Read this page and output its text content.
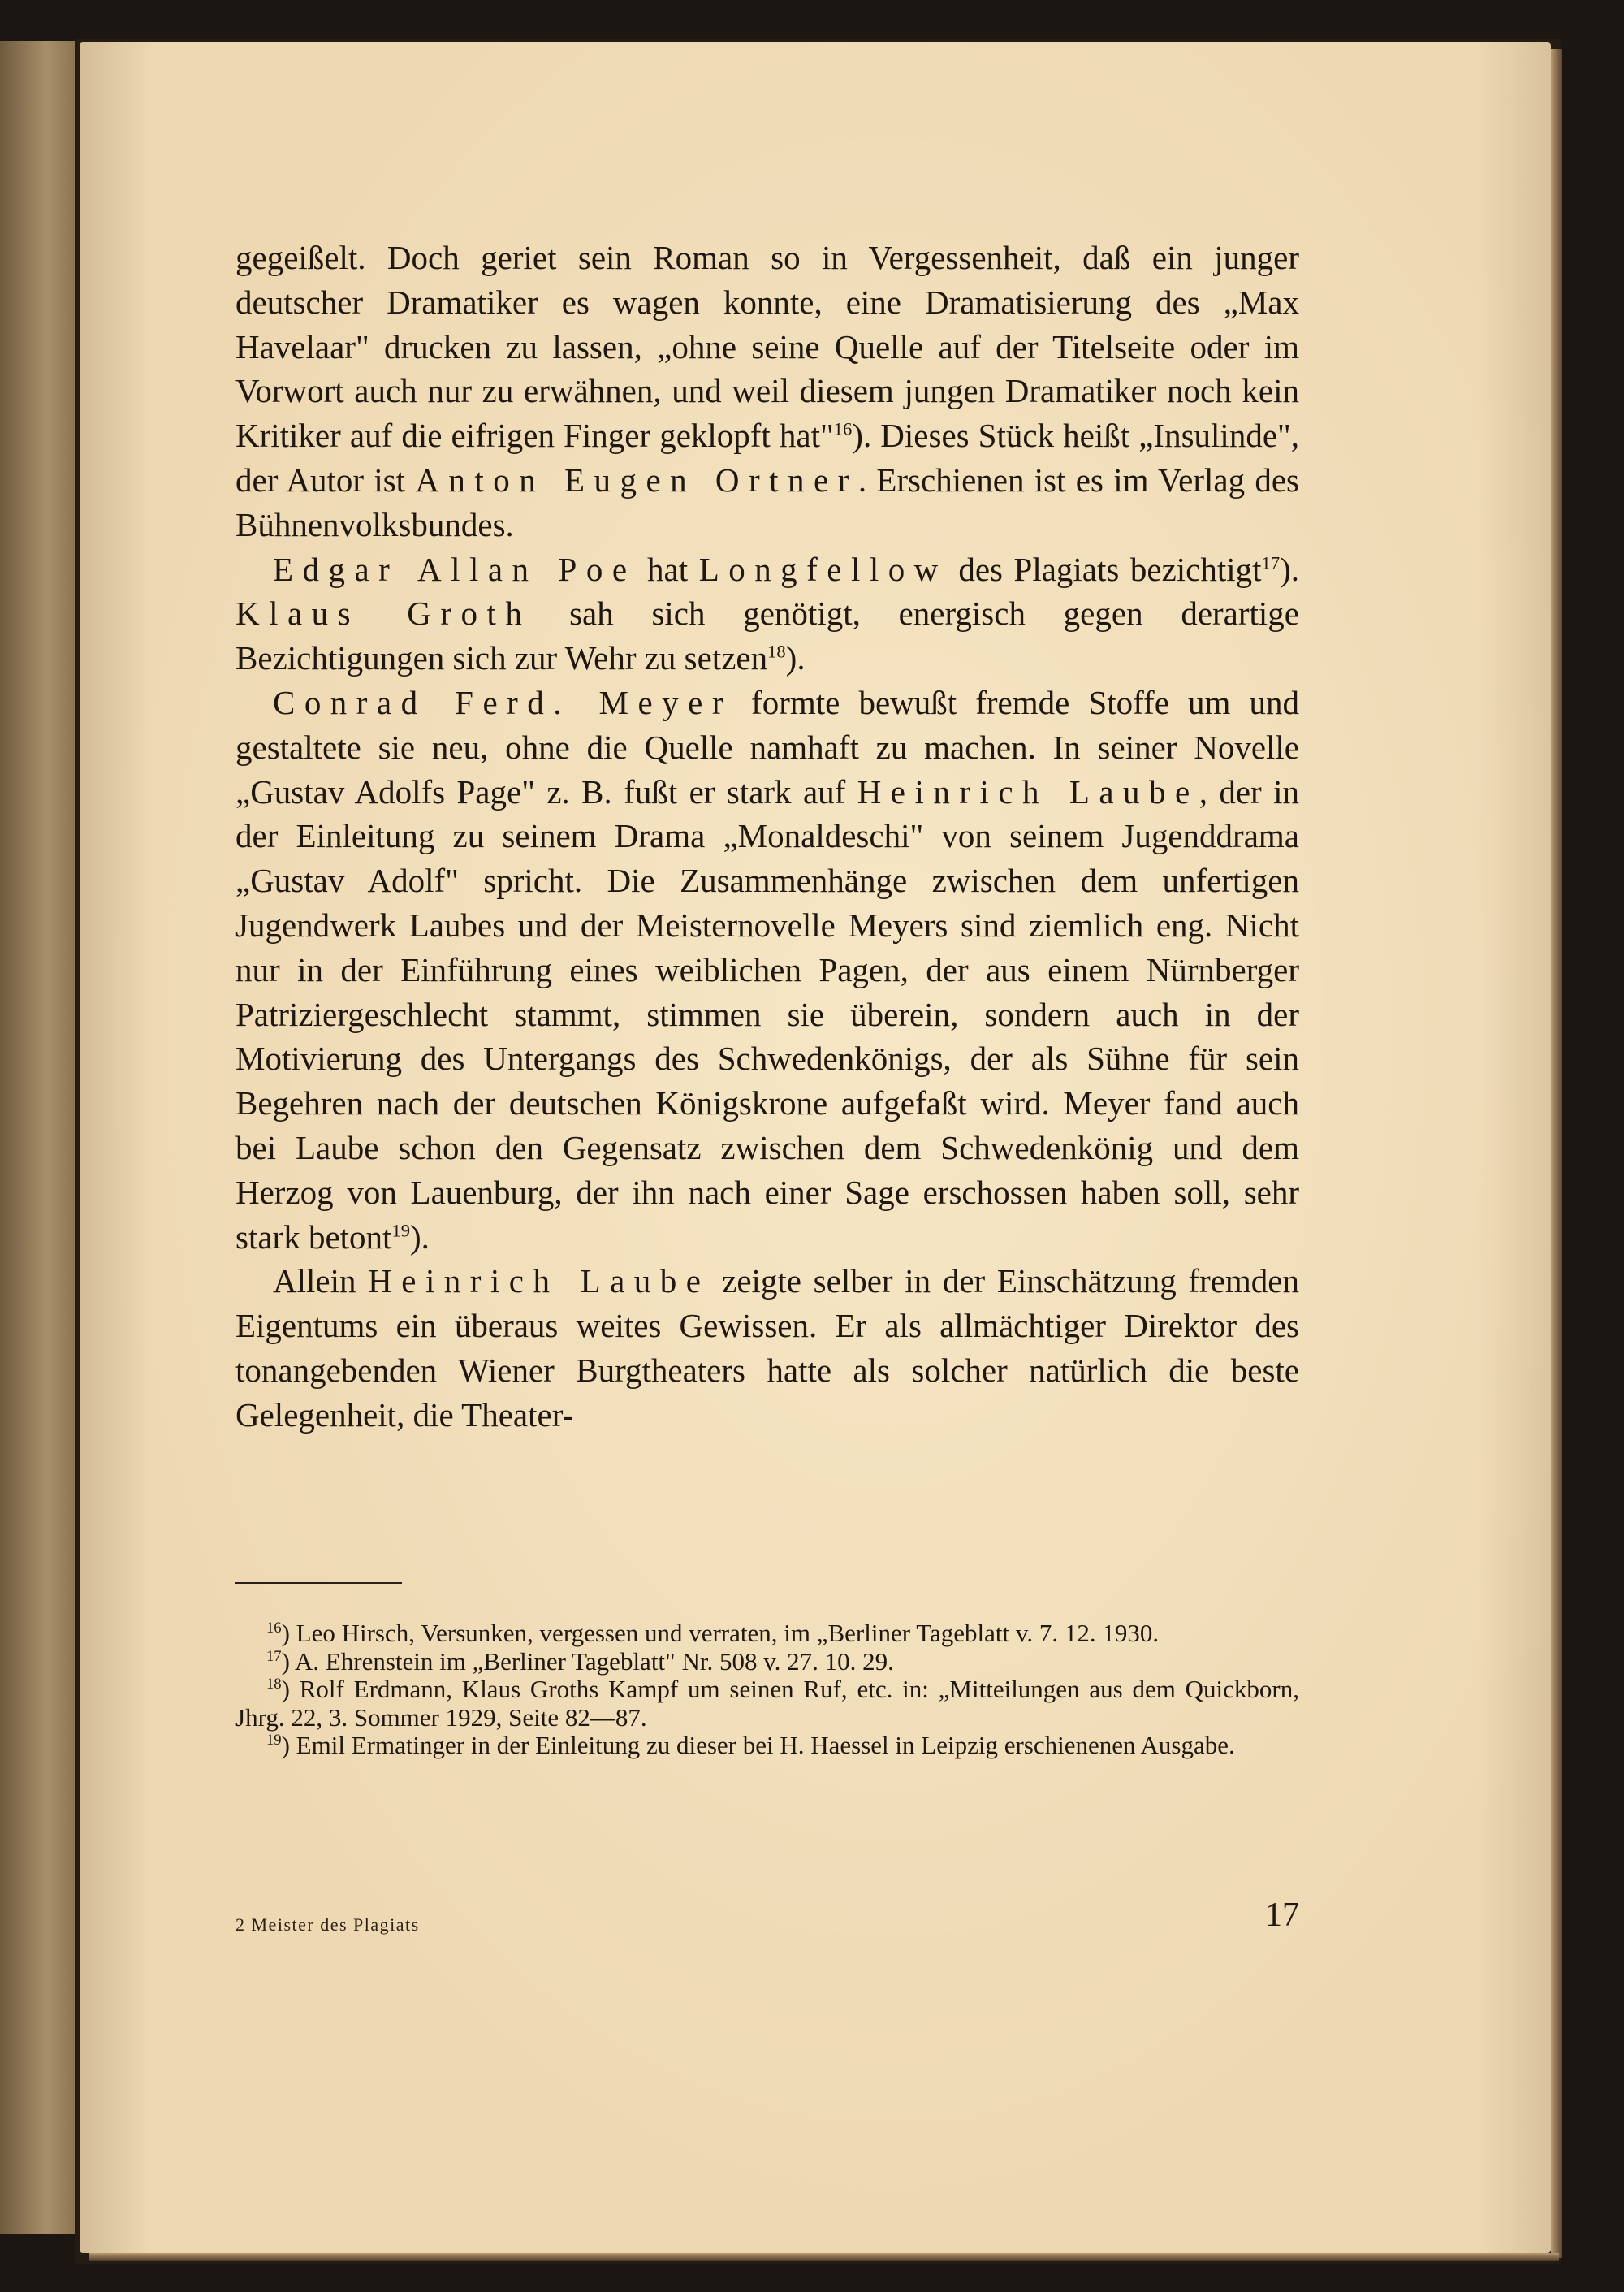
gegeißelt. Doch geriet sein Roman so in Vergessenheit, daß ein junger deutscher Dramatiker es wagen konnte, eine Dramatisierung des „Max Havelaar" drucken zu lassen, „ohne seine Quelle auf der Titelseite oder im Vorwort auch nur zu erwähnen, und weil diesem jungen Dramatiker noch kein Kritiker auf die eifrigen Finger geklopft hat"$^{16}$). Dieses Stück heißt „Insulinde", der Autor ist Anton Eugen Ortner. Erschienen ist es im Verlag des Bühnenvolksbundes.

Edgar Allan Poe hat Longfellow des Plagiats bezichtigt$^{17}$). Klaus Groth sah sich genötigt, energisch gegen derartige Bezichtigungen sich zur Wehr zu setzen$^{18}$).

Conrad Ferd. Meyer formte bewußt fremde Stoffe um und gestaltete sie neu, ohne die Quelle namhaft zu machen. In seiner Novelle „Gustav Adolfs Page" z. B. fußt er stark auf Heinrich Laube, der in der Einleitung zu seinem Drama „Monaldeschi" von seinem Jugenddrama „Gustav Adolf" spricht. Die Zusammenhänge zwischen dem unfertigen Jugendwerk Laubes und der Meisternovelle Meyers sind ziemlich eng. Nicht nur in der Einführung eines weiblichen Pagen, der aus einem Nürnberger Patriziergeschlecht stammt, stimmen sie überein, sondern auch in der Motivierung des Untergangs des Schwedenkönigs, der als Sühne für sein Begehren nach der deutschen Königskrone aufgefaßt wird. Meyer fand auch bei Laube schon den Gegensatz zwischen dem Schwedenkönig und dem Herzog von Lauenburg, der ihn nach einer Sage erschossen haben soll, sehr stark betont$^{19}$).

Allein Heinrich Laube zeigte selber in der Einschätzung fremden Eigentums ein überaus weites Gewissen. Er als allmächtiger Direktor des tonangebenden Wiener Burgtheaters hatte als solcher natürlich die beste Gelegenheit, die Theater-

$^{16}$) Leo Hirsch, Versunken, vergessen und verraten, im „Berliner Tageblatt v. 7. 12. 1930.

$^{17}$) A. Ehrenstein im „Berliner Tageblatt" Nr. 508 v. 27. 10. 29.

$^{18}$) Rolf Erdmann, Klaus Groths Kampf um seinen Ruf, etc. in: „Mitteilungen aus dem Quickborn, Jhrg. 22, 3. Sommer 1929, Seite 82—87.

$^{19}$) Emil Ermatinger in der Einleitung zu dieser bei H. Haessel in Leipzig erschienenen Ausgabe.

2 Meister des Plagiats	17
